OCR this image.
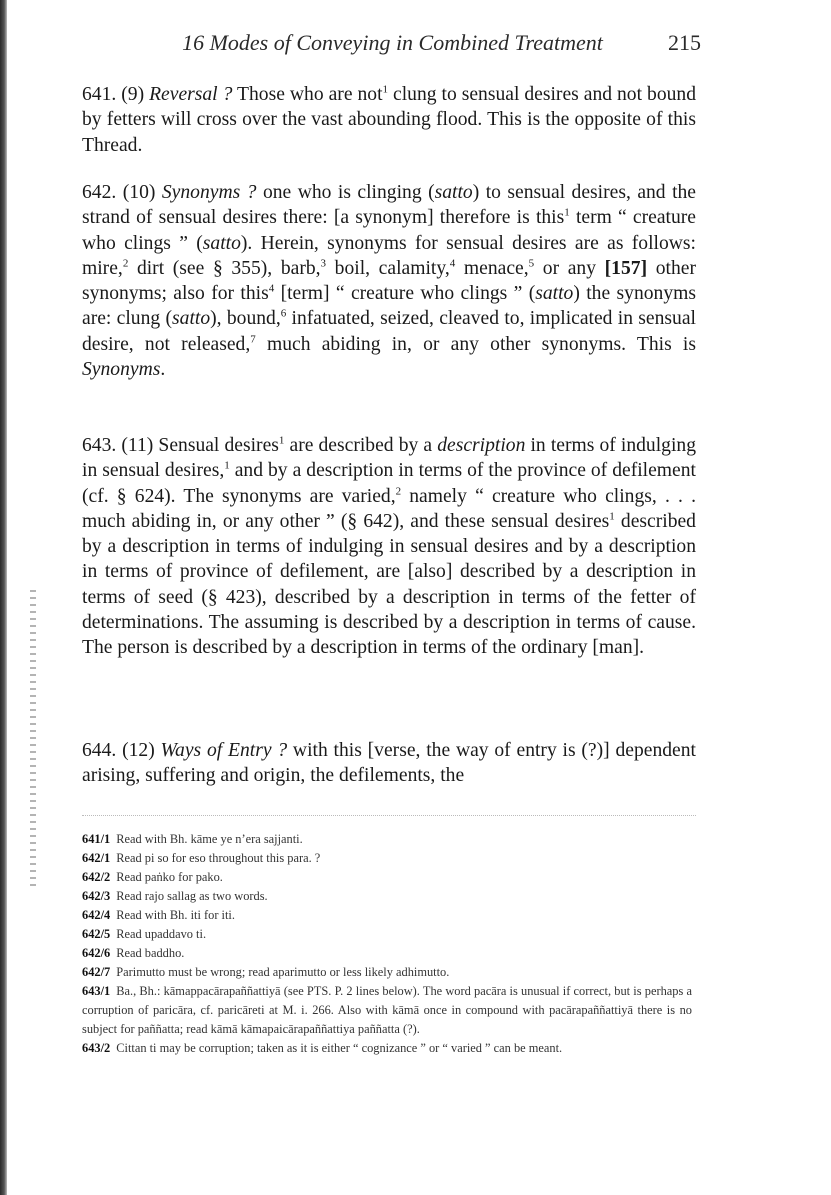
16 Modes of Conveying in Combined Treatment	215
641. (9) Reversal ? Those who are not$^1$ clung to sensual desires and not bound by fetters will cross over the vast abounding flood. This is the opposite of this Thread.
642. (10) Synonyms ? one who is clinging (satto) to sensual desires, and the strand of sensual desires there: [a synonym] therefore is this$^1$ term “ creature who clings ” (satto). Herein, synonyms for sensual desires are as follows: mire,$^2$ dirt (see § 355), barb,$^3$ boil, calamity,$^4$ menace,$^5$ or any [157] other synonyms; also for this$^4$ [term] “ creature who clings ” (satto) the synonyms are: clung (satto), bound,$^6$ infatuated, seized, cleaved to, implicated in sensual desire, not released,$^7$ much abiding in, or any other synonyms. This is Synonyms.
643. (11) Sensual desires$^1$ are described by a description in terms of indulging in sensual desires,$^1$ and by a description in terms of the province of defilement (cf. § 624). The synonyms are varied,$^2$ namely “ creature who clings, . . . much abiding in, or any other ” (§ 642), and these sensual desires$^1$ described by a description in terms of indulging in sensual desires and by a description in terms of province of defilement, are [also] described by a description in terms of seed (§ 423), described by a description in terms of the fetter of determinations. The assuming is described by a description in terms of cause. The person is described by a description in terms of the ordinary [man].
644. (12) Ways of Entry ? with this [verse, the way of entry is (?)] dependent arising, suffering and origin, the defilements, the
641/1 Read with Bh. kāme ye n’era sajjanti.
642/1 Read pi so for eso throughout this para. ?
642/2 Read paṅko for pako.
642/3 Read rajo sallag as two words.
642/4 Read with Bh. iti for iti.
642/5 Read upaddavo ti.
642/6 Read baddho.
642/7 Parimutto must be wrong; read aparimutto or less likely adhimutto.
643/1 Ba., Bh.: kāmappacārapaññattiyā (see PTS. P. 2 lines below). The word pacāra is unusual if correct, but is perhaps a corruption of paricāra, cf. paricāreti at M. i. 266. Also with kāmā once in compound with pacārapaññattiyā there is no subject for paññatta; read kāmā kāmapaicārapaññattiya paññatta (?).
643/2 Cittan ti may be corruption; taken as it is either “ cognizance ” or “ varied ” can be meant.
